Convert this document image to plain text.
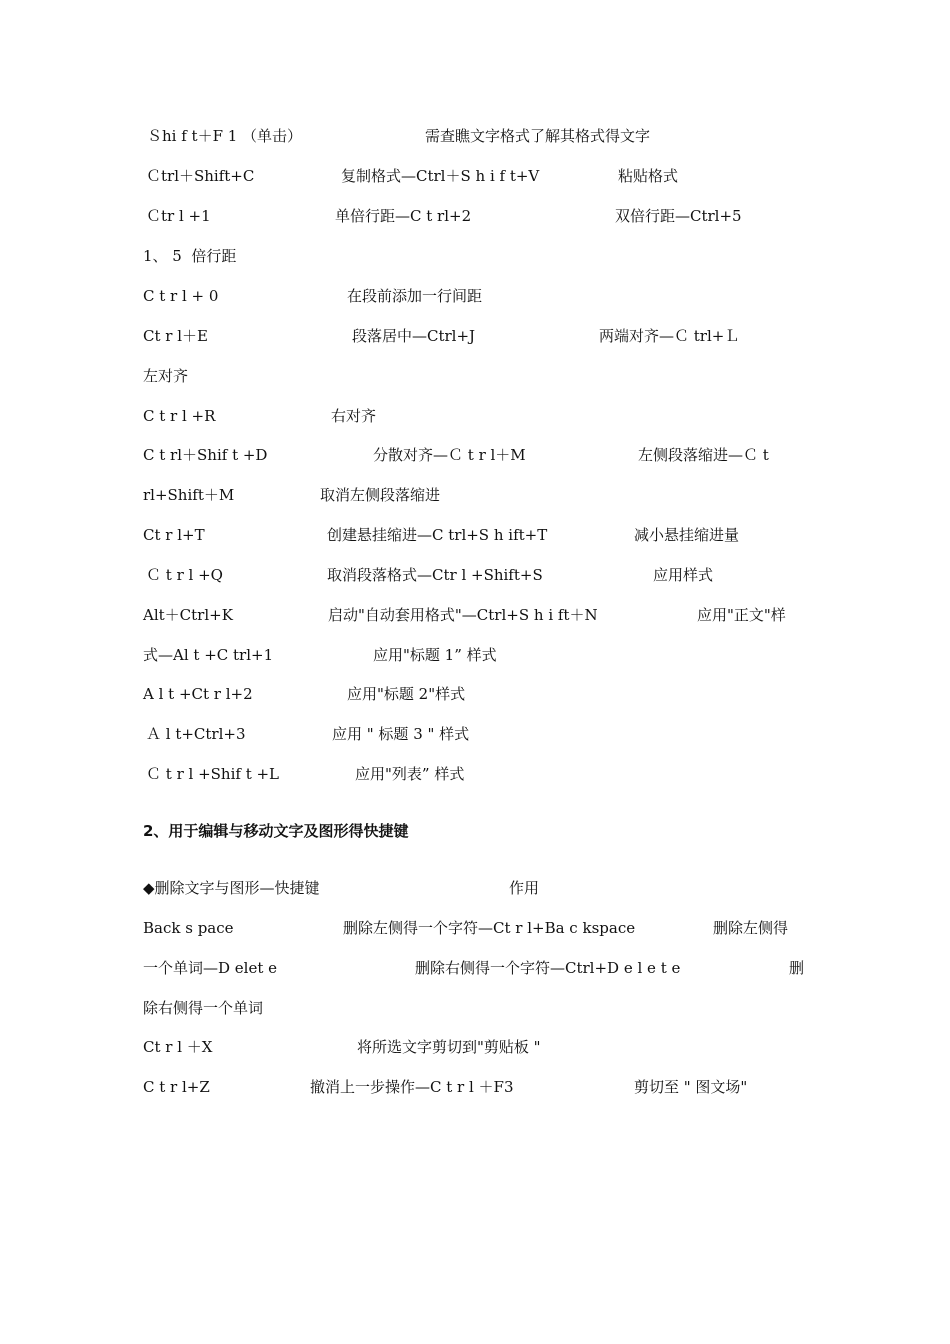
Ｓhi f t＋F 1 （单击）	需查瞧文字格式了解其格式得文字
Ｃtrl＋Shift+C	复制格式—Ctrl＋S h i f t+V	粘贴格式
Ｃtr l +1	单倍行距—C t rl+2	双倍行距—Ctrl+5
1、 5  倍行距
C t r l + 0	在段前添加一行间距
Ct r l＋E	段落居中—Ctrl+J	两端对齐—Ｃ trl+Ｌ
左对齐
C t r l +R	右对齐
C t rl＋Shif t +D	分散对齐—Ｃ t r l＋M	左侧段落缩进—Ｃ t
rl+Shift＋M	取消左侧段落缩进
Ct r l+T	创建悬挂缩进—C trl+S h ift+T	减小悬挂缩进量
Ｃ t r l +Q	取消段落格式—Ctr l +Shift+S	应用样式
Alt＋Ctrl+K	启动"自动套用格式"—Ctrl+S h i ft＋N	应用"正文"样
式—Al t +C trl+1	应用"标题 1” 样式
A l t +Ct r l+2	应用"标题 2"样式
Ａ l t+Ctrl+3	应用 " 标题 3 " 样式
Ｃ t r l +Shif t +L	应用"列表” 样式
2、用于编辑与移动文字及图形得快捷键
◆删除文字与图形—快捷键	作用
Back s pace	删除左侧得一个字符—Ct r l+Ba c kspace	删除左侧得
一个单词—D elet e	删除右侧得一个字符—Ctrl+D e l e t e	删
除右侧得一个单词
Ct r l ＋X	将所选文字剪切到"剪贴板 "
C t r l+Z	撤消上一步操作—C t r l ＋F3	剪切至 " 图文场"
